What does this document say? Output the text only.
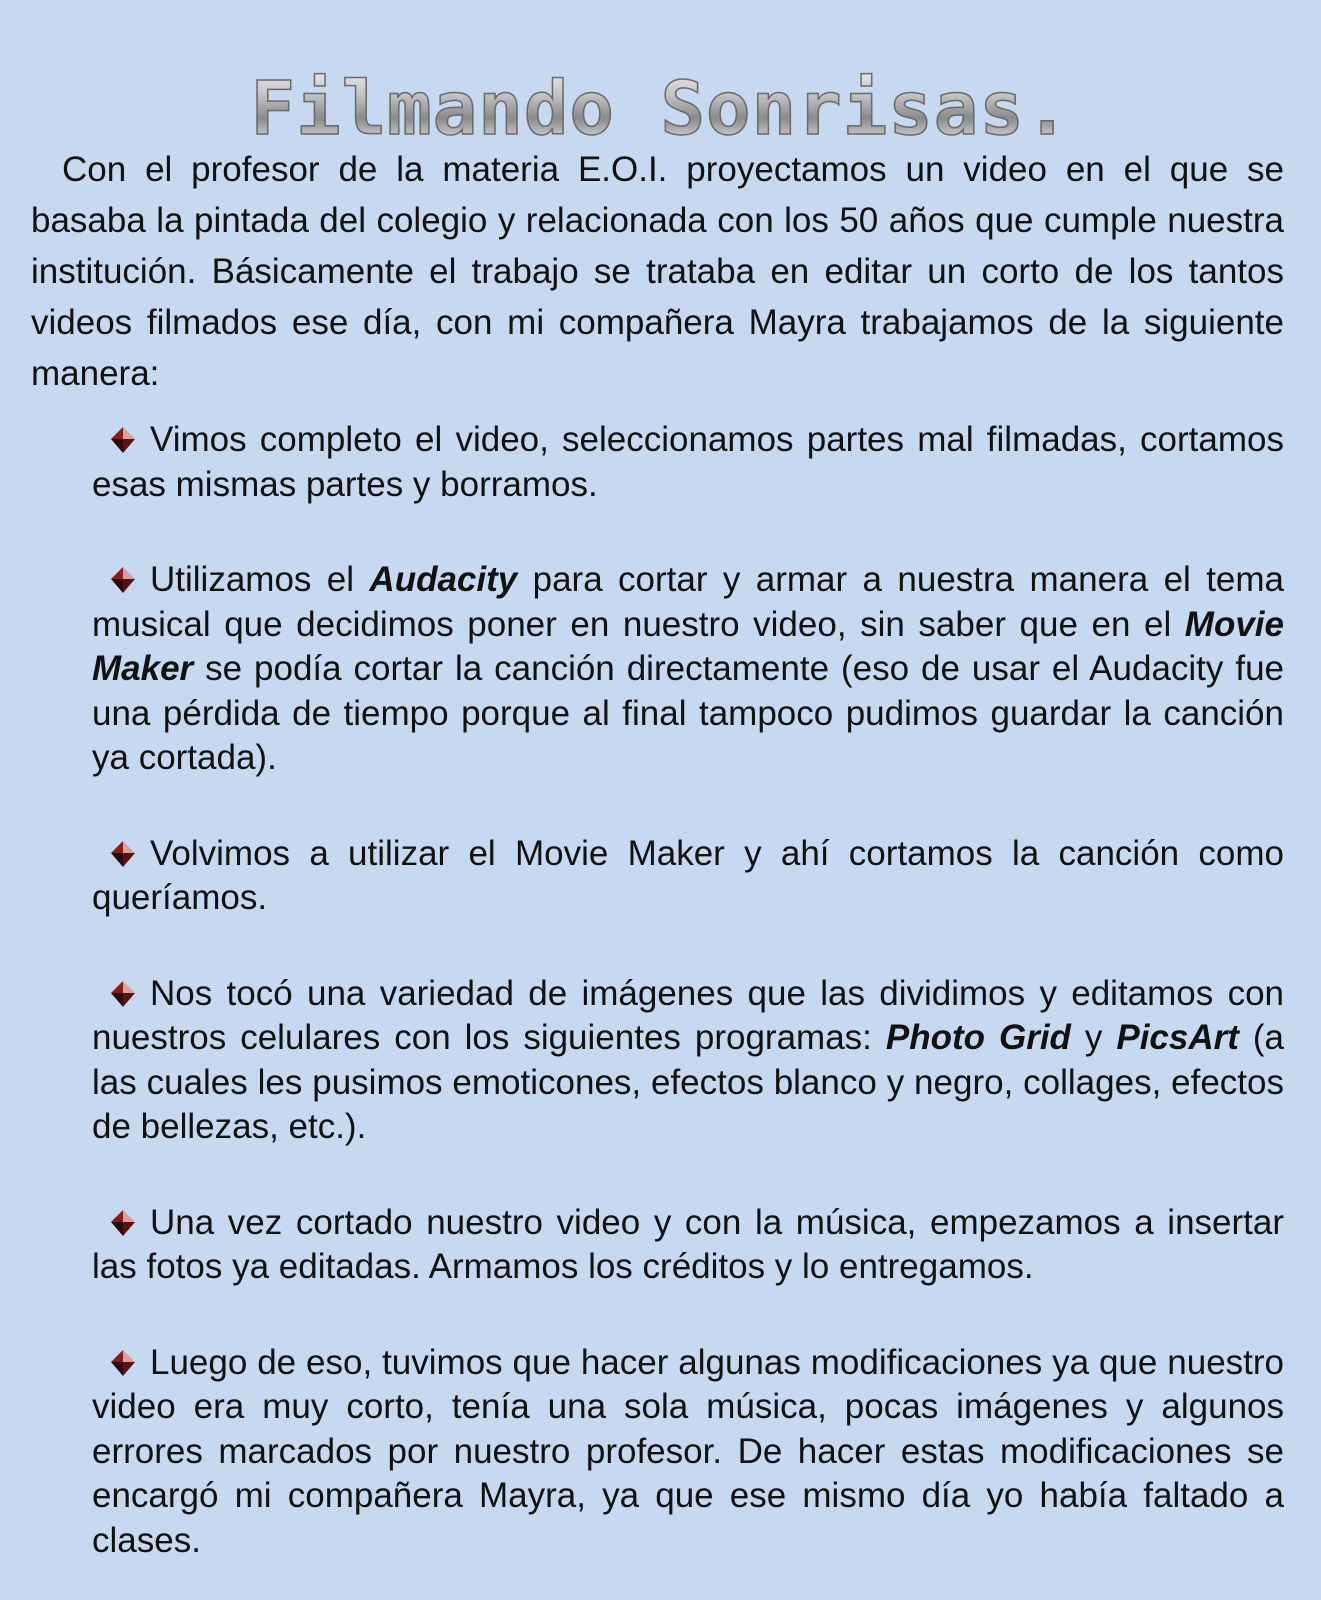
Filmando Sonrisas.

Con el profesor de la materia E.O.I. proyectamos un video en el que se basaba la pintada del colegio y relacionada con los 50 años que cumple nuestra institución. Básicamente el trabajo se trataba en editar un corto de los tantos videos filmados ese día, con mi compañera Mayra trabajamos de la siguiente manera:

Vimos completo el video, seleccionamos partes mal filmadas, cortamos esas mismas partes y borramos.
Utilizamos el Audacity para cortar y armar a nuestra manera el tema musical que decidimos poner en nuestro video, sin saber que en el Movie Maker se podía cortar la canción directamente (eso de usar el Audacity fue una pérdida de tiempo porque al final tampoco pudimos guardar la canción ya cortada).
Volvimos a utilizar el Movie Maker y ahí cortamos la canción como queríamos.
Nos tocó una variedad de imágenes que las dividimos y editamos con nuestros celulares con los siguientes programas: Photo Grid y PicsArt (a las cuales les pusimos emoticones, efectos blanco y negro, collages, efectos de bellezas, etc.).
Una vez cortado nuestro video y con la música, empezamos a insertar las fotos ya editadas. Armamos los créditos y lo entregamos.
Luego de eso, tuvimos que hacer algunas modificaciones ya que nuestro video era muy corto, tenía una sola música, pocas imágenes y algunos errores marcados por nuestro profesor. De hacer estas modificaciones se encargó mi compañera Mayra, ya que ese mismo día yo había faltado a clases.
